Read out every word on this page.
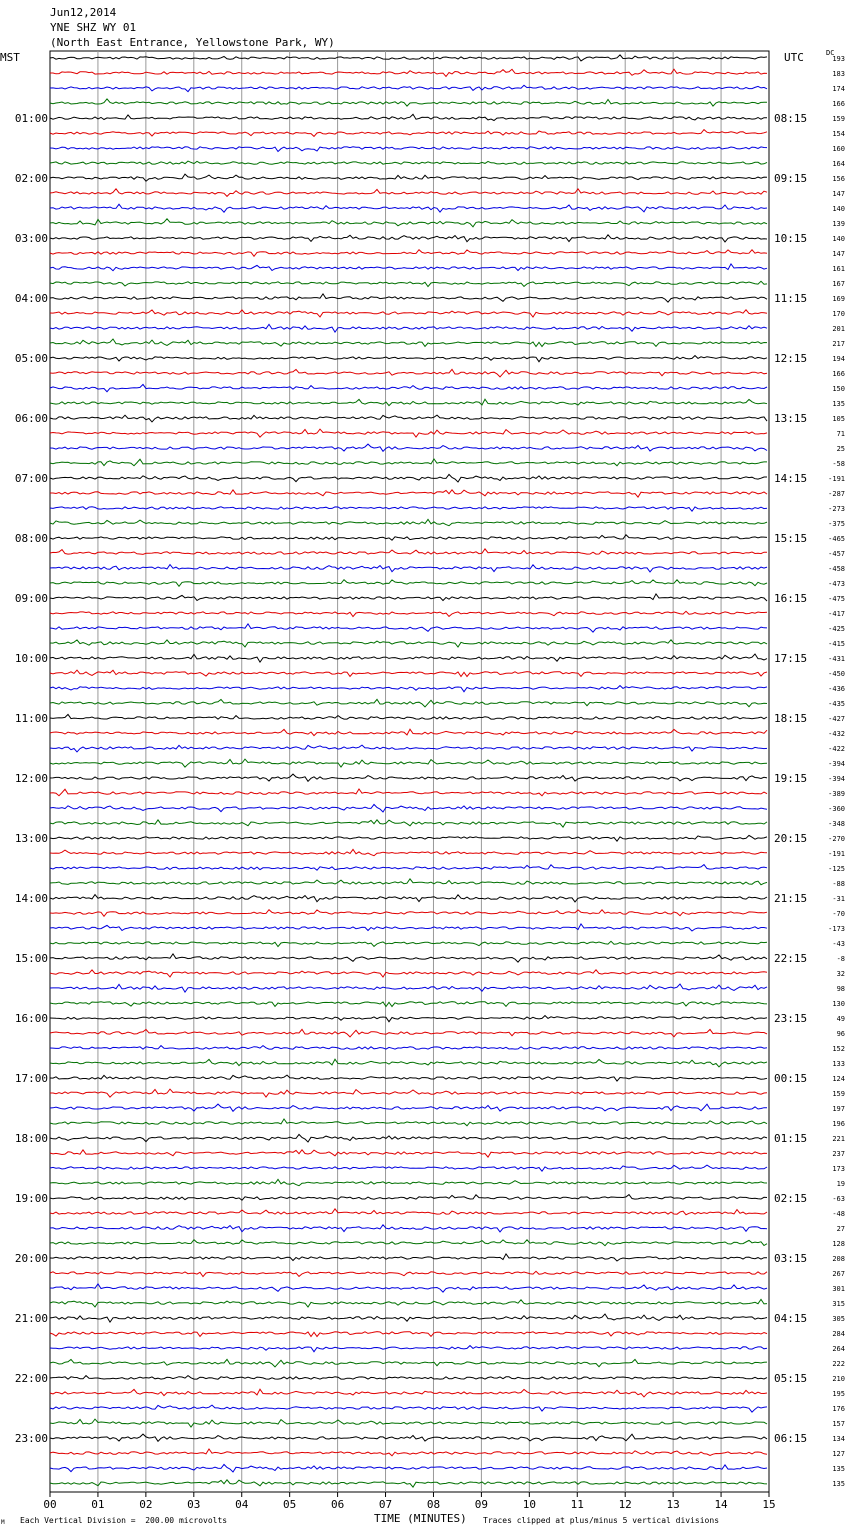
Jun12,2014
YNE SHZ WY 01
(North East Entrance, Yellowstone Park, WY)
MST	UTC	DC
193
183
174
166
159
154
160
164
156
147
140
139
140
147
161
167
169
170
201
217
194
166
150
135
105
71
25
-58
-191
-287
-273
-375
-465
-457
-458
-473
-475
-417
-425
-415
-431
-450
-436
-435
-427
-432
-422
-394
-394
-389
-360
-348
-270
-191
-125
-88
-31
-70
-173
-43
-8
32
98
130
49
96
152
133
124
159
197
196
221
237
173
19
-63
-48
27
128
208
267
301
315
305
284
264
222
210
195
176
157
134
127
135
135
01:00	08:15
02:00	09:15
03:00	10:15
04:00	11:15
05:00	12:15
06:00	13:15
07:00	14:15
08:00	15:15
09:00	16:15
10:00	17:15
11:00	18:15
12:00	19:15
13:00	20:15
14:00	21:15
15:00	22:15
16:00	23:15
17:00	00:15
18:00	01:15
19:00	02:15
20:00	03:15
21:00	04:15
22:00	05:15
23:00	06:15
00	01	02	03	04	05	06	07	08	09	10	11	12	13	14	15
M Each Vertical Division =  200.00 microvolts	TIME (MINUTES) Traces clipped at plus/minus 5 vertical divisions
